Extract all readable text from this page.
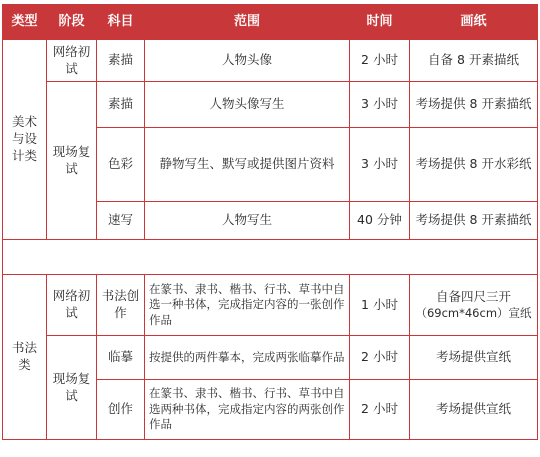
类型	阶段	科目	范围	时间	画纸
美术与设计类	网络初试	素描	人物头像	2 小时	自备 8 开素描纸
	现场复试	素描	人物头像写生	3 小时	考场提供 8 开素描纸
		色彩	静物写生、默写或提供图片资料	3 小时	考场提供 8 开水彩纸
		速写	人物写生	40 分钟	考场提供 8 开素描纸

书法类	网络初试	书法创作	在篆书、隶书、楷书、行书、草书中自选一种书体，完成指定内容的一张创作作品	1 小时	自备四尺三开
（69cm*46cm）宣纸

	现场复试	临摹	按提供的两件摹本，完成两张临摹作品	2 小时	考场提供宣纸
		创作	在篆书、隶书、楷书、行书、草书中自选两种书体，完成指定内容的两张创作作品	2 小时	考场提供宣纸
